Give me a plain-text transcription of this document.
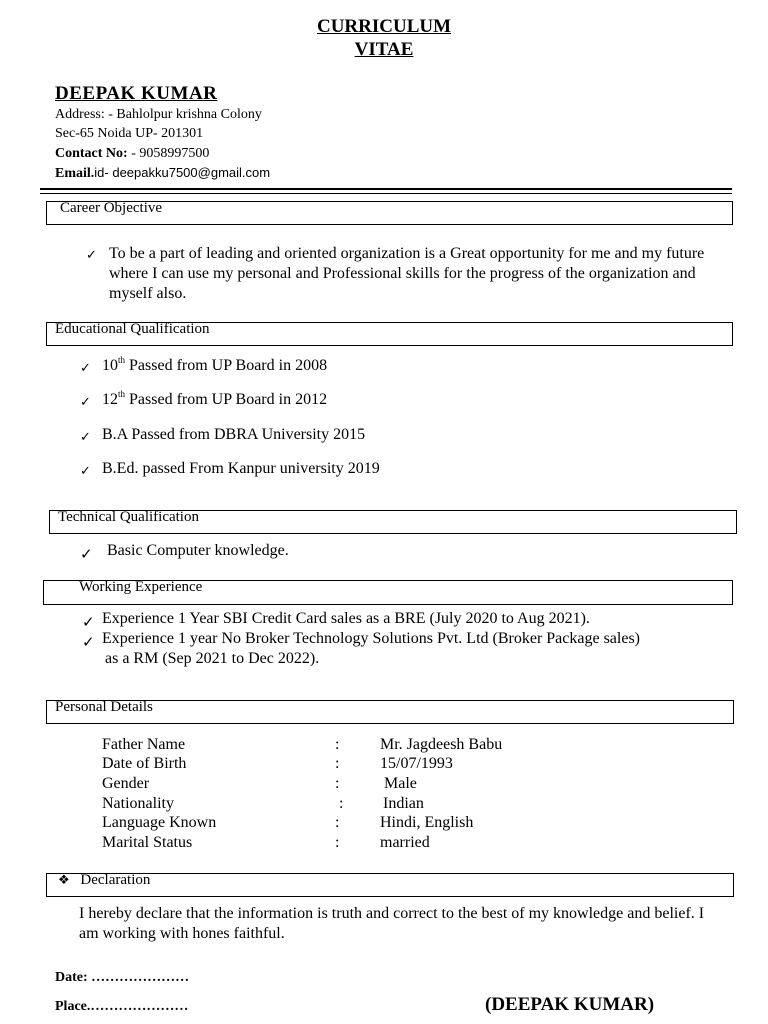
CURRICULUM
VITAE
DEEPAK KUMAR
Address: - Bahlolpur krishna Colony
Sec-65 Noida UP- 201301
Contact No: - 9058997500
Email.id- deepakku7500@gmail.com
Career Objective
✓ To be a part of leading and oriented organization is a Great opportunity for me and my future where I can use my personal and Professional skills for the progress of the organization and myself also.
Educational Qualification
✓ 10th Passed from UP Board in 2008
✓ 12th Passed from UP Board in 2012
✓ B.A Passed from DBRA University 2015
✓ B.Ed. passed From Kanpur university 2019
Technical Qualification
✓ Basic Computer knowledge.
Working Experience
✓ Experience 1 Year SBI Credit Card sales as a BRE (July 2020 to Aug 2021).
✓ Experience 1 year No Broker Technology Solutions Pvt. Ltd (Broker Package sales)
as a RM (Sep 2021 to Dec 2022).
Personal Details
Father Name	:	Mr. Jagdeesh Babu
Date of Birth	:	15/07/1993
Gender	:	Male
Nationality	: Indian
Language Known	:	Hindi, English
Marital Status	:	married
❖ Declaration
I hereby declare that the information is truth and correct to the best of my knowledge and belief. I am working with hones faithful.
Date: …………………
Place.…………………	(DEEPAK KUMAR)
